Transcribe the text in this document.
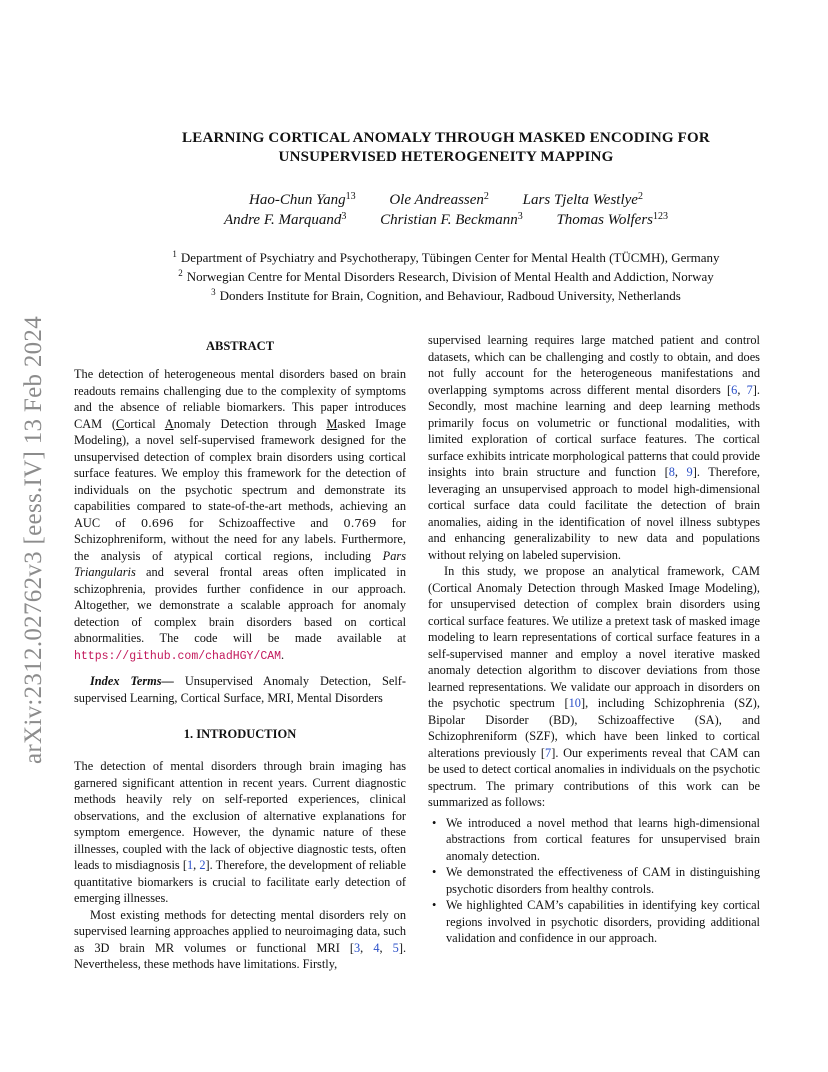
arXiv:2312.02762v3 [eess.IV] 13 Feb 2024
LEARNING CORTICAL ANOMALY THROUGH MASKED ENCODING FOR
UNSUPERVISED HETEROGENEITY MAPPING
Hao-Chun Yang$^{13}$ Ole Andreassen$^2$ Lars Tjelta Westlye$^2$
Andre F. Marquand$^3$ Christian F. Beckmann$^3$ Thomas Wolfers$^{123}$
$^1$ Department of Psychiatry and Psychotherapy, Tübingen Center for Mental Health (TÜCMH), Germany
$^2$ Norwegian Centre for Mental Disorders Research, Division of Mental Health and Addiction, Norway
$^3$ Donders Institute for Brain, Cognition, and Behaviour, Radboud University, Netherlands
ABSTRACT

The detection of heterogeneous mental disorders based on brain readouts remains challenging due to the complexity of symptoms and the absence of reliable biomarkers. This paper introduces CAM (Cortical Anomaly Detection through Masked Image Modeling), a novel self-supervised framework designed for the unsupervised detection of complex brain disorders using cortical surface features. We employ this framework for the detection of individuals on the psychotic spectrum and demonstrate its capabilities compared to state-of-the-art methods, achieving an AUC of 0.696 for Schizoaffective and 0.769 for Schizophreniform, without the need for any labels. Furthermore, the analysis of atypical cortical regions, including Pars Triangularis and several frontal areas often implicated in schizophrenia, provides further confidence in our approach. Altogether, we demonstrate a scalable approach for anomaly detection of complex brain disorders based on cortical abnormalities. The code will be made available at https://github.com/chadHGY/CAM.

Index Terms— Unsupervised Anomaly Detection, Self-supervised Learning, Cortical Surface, MRI, Mental Disorders

1. INTRODUCTION

The detection of mental disorders through brain imaging has garnered significant attention in recent years. Current diagnostic methods heavily rely on self-reported experiences, clinical observations, and the exclusion of alternative explanations for symptom emergence. However, the dynamic nature of these illnesses, coupled with the lack of objective diagnostic tests, often leads to misdiagnosis [1, 2]. Therefore, the development of reliable quantitative biomarkers is crucial to facilitate early detection of emerging illnesses.

Most existing methods for detecting mental disorders rely on supervised learning approaches applied to neuroimaging data, such as 3D brain MR volumes or functional MRI [3, 4, 5]. Nevertheless, these methods have limitations. Firstly,

supervised learning requires large matched patient and control datasets, which can be challenging and costly to obtain, and does not fully account for the heterogeneous manifestations and overlapping symptoms across different mental disorders [6, 7]. Secondly, most machine learning and deep learning methods primarily focus on volumetric or functional modalities, with limited exploration of cortical surface features. The cortical surface exhibits intricate morphological patterns that could provide insights into brain structure and function [8, 9]. Therefore, leveraging an unsupervised approach to model high-dimensional cortical surface data could facilitate the detection of brain anomalies, aiding in the identification of novel illness subtypes and enhancing generalizability to new data and populations without relying on labeled supervision.

In this study, we propose an analytical framework, CAM (Cortical Anomaly Detection through Masked Image Modeling), for unsupervised detection of complex brain disorders using cortical surface features. We utilize a pretext task of masked image modeling to learn representations of cortical surface features in a self-supervised manner and employ a novel iterative masked anomaly detection algorithm to discover deviations from those learned representations. We validate our approach in disorders on the psychotic spectrum [10], including Schizophrenia (SZ), Bipolar Disorder (BD), Schizoaffective (SA), and Schizophreniform (SZF), which have been linked to cortical alterations previously [7]. Our experiments reveal that CAM can be used to detect cortical anomalies in individuals on the psychotic spectrum. The primary contributions of this work can be summarized as follows:

• We introduced a novel method that learns high-dimensional abstractions from cortical features for unsupervised brain anomaly detection.
• We demonstrated the effectiveness of CAM in distinguishing psychotic disorders from healthy controls.
• We highlighted CAM’s capabilities in identifying key cortical regions involved in psychotic disorders, providing additional validation and confidence in our approach.
